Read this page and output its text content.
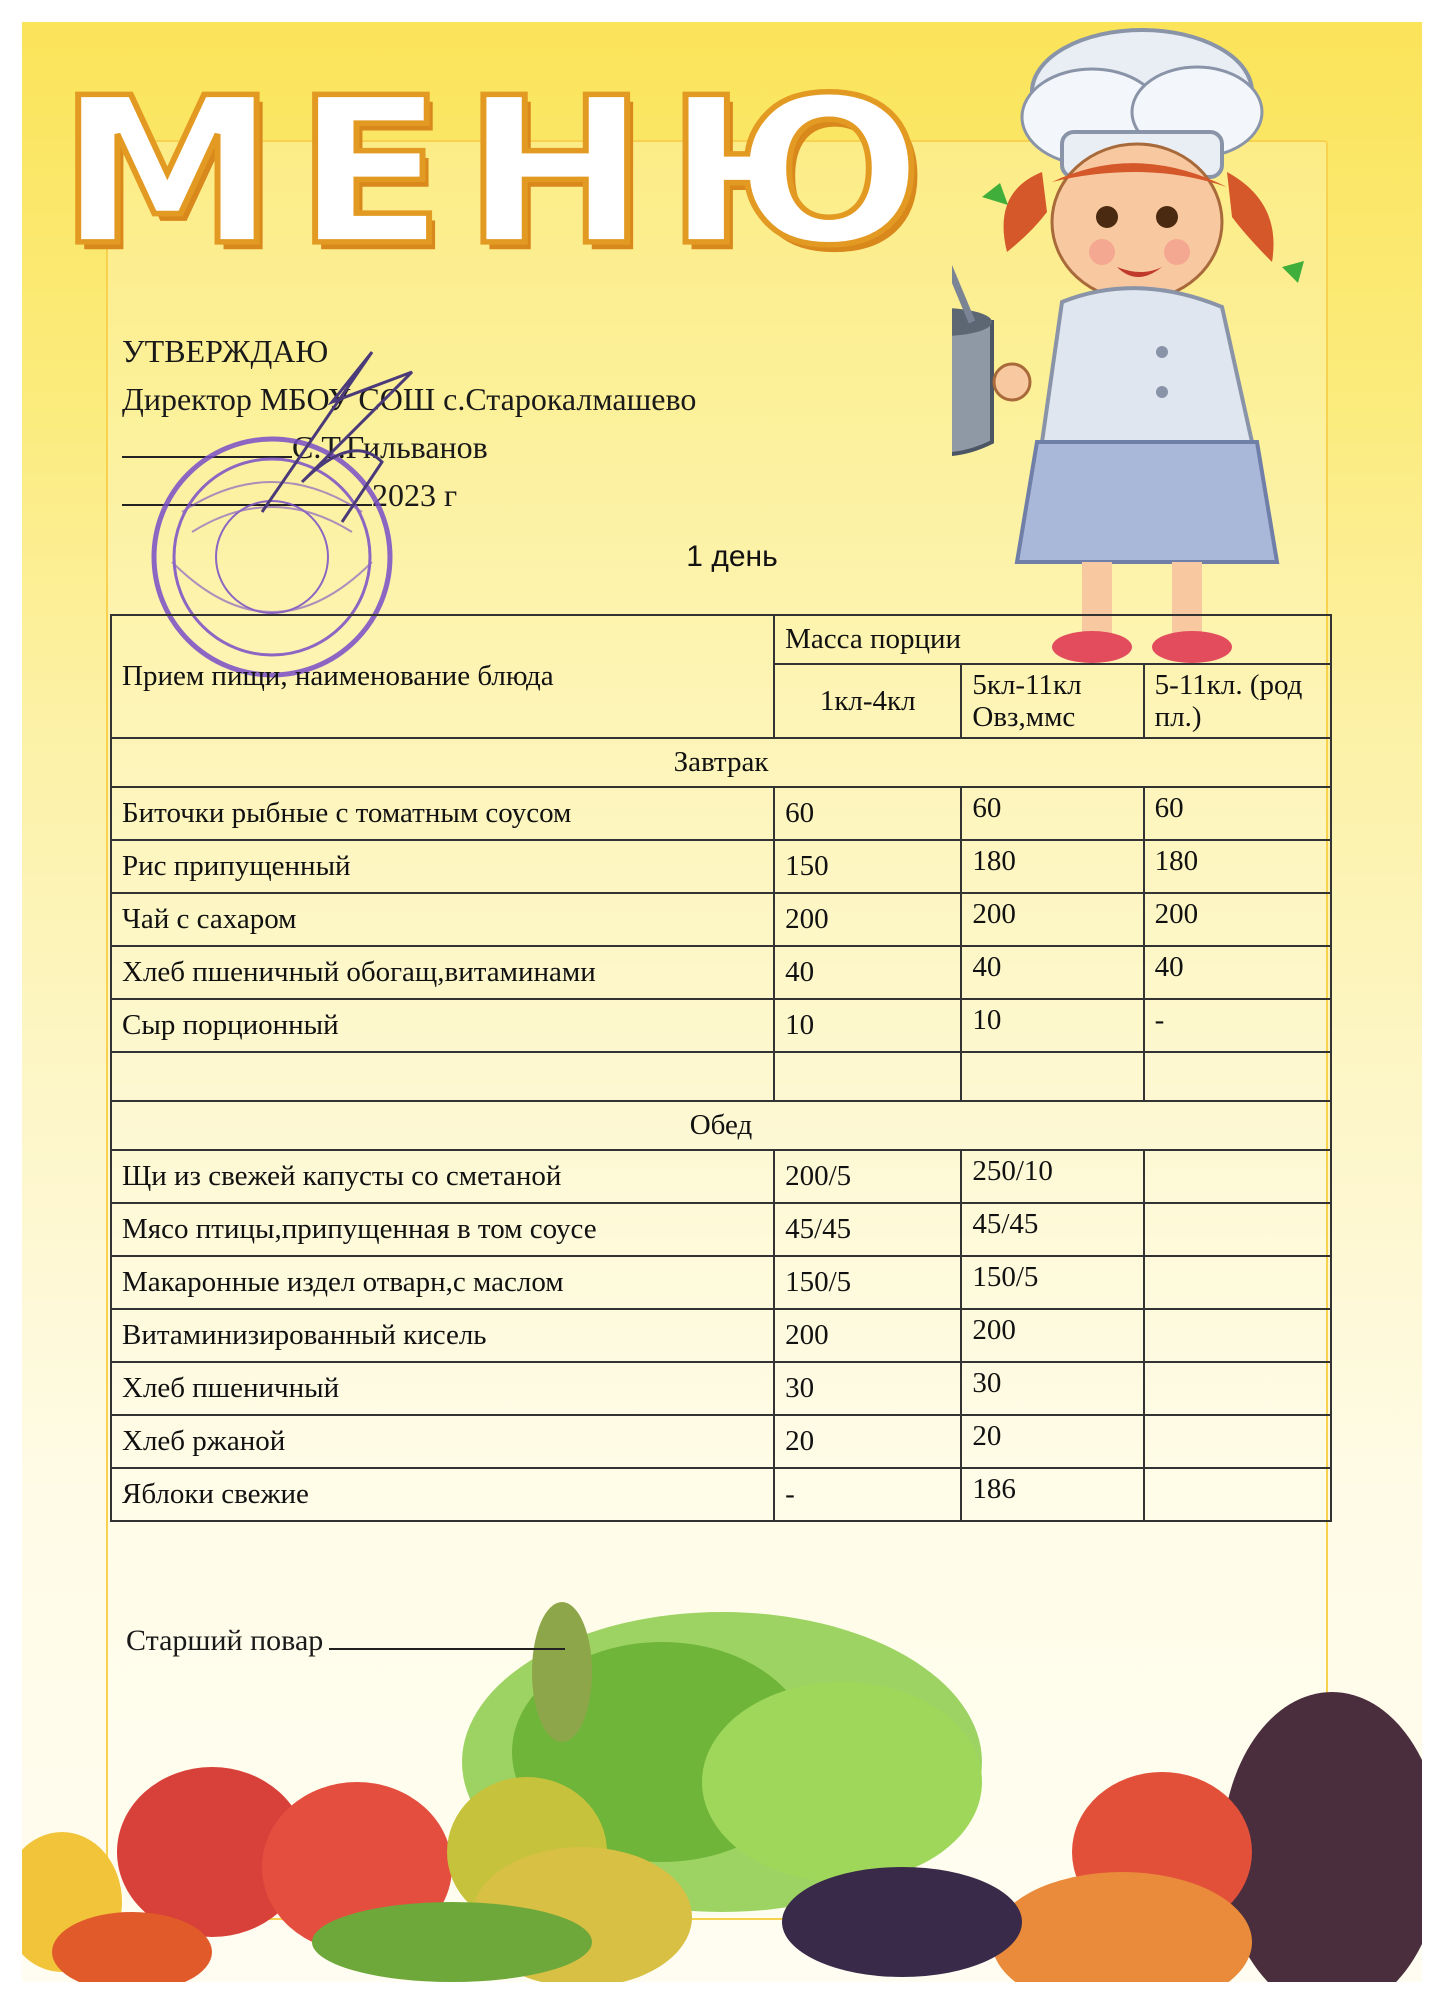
МЕНЮ
УТВЕРЖДАЮ
Директор МБОУ СОШ с.Старокалмашево
С.Т.Гильванов
2023 г
1 день
Прием пищи, наименование блюда	Масса порции		
	1кл-4кл	5кл-11кл Овз,ммс	5-11кл. (род пл.)
Завтрак			
Биточки рыбные с томатным соусом	60	60	60
Рис припущенный	150	180	180
Чай с сахаром	200	200	200
Хлеб пшеничный обогащ,витаминами	40	40	40
Сыр порционный	10	10	-

Обед			
Щи из свежей капусты со сметаной	200/5	250/10	
Мясо птицы,припущенная в том соусе	45/45	45/45	
Макаронные издел отварн,с маслом	150/5	150/5	
Витаминизированный кисель	200	200	
Хлеб пшеничный	30	30	
Хлеб ржаной	20	20	
Яблоки свежие	-	186	
Старший повар
